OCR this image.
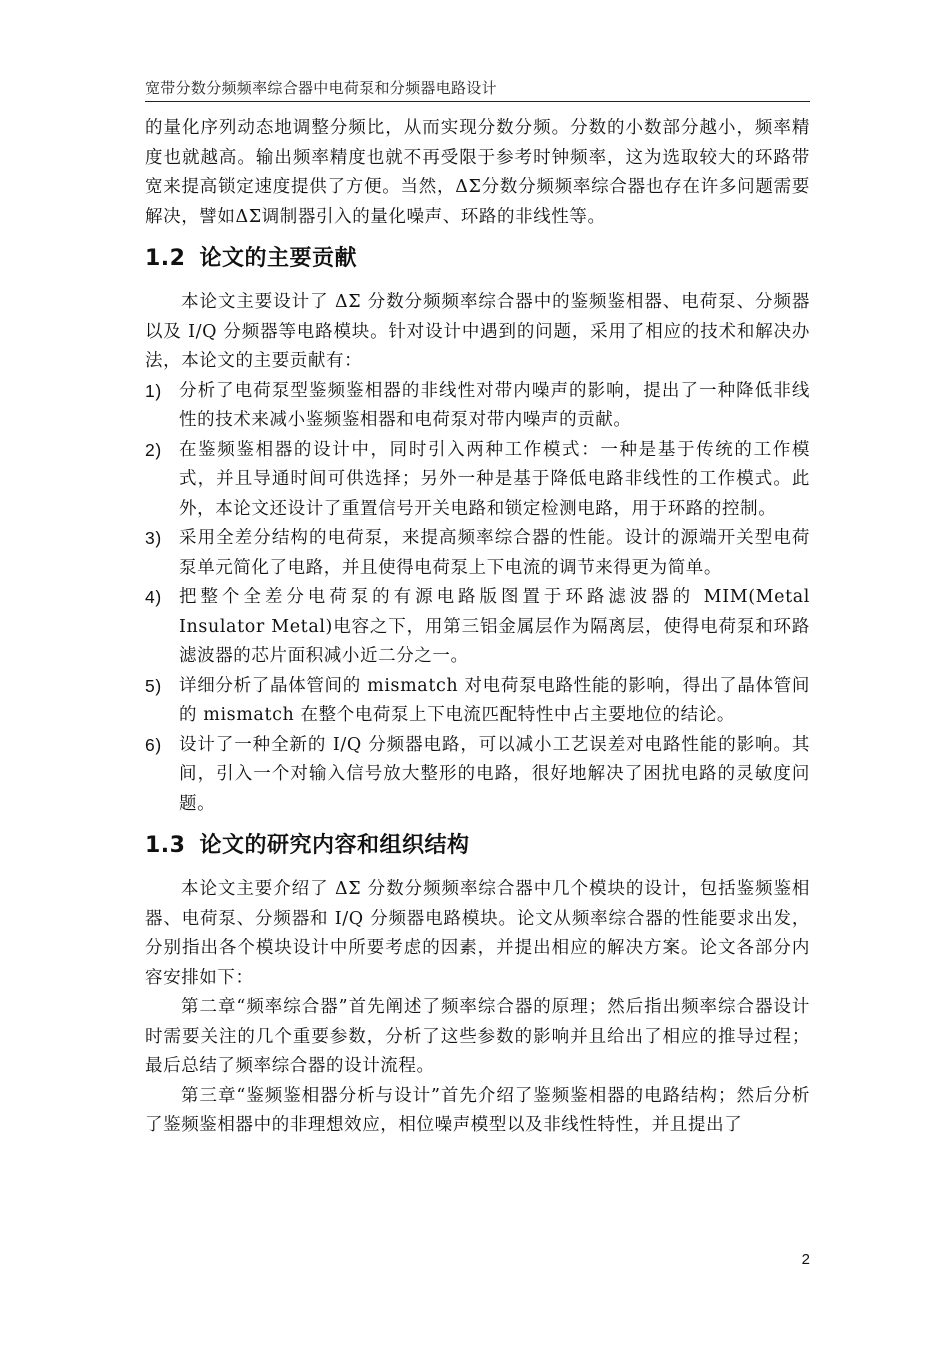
宽带分数分频频率综合器中电荷泵和分频器电路设计

的量化序列动态地调整分频比，从而实现分数分频。分数的小数部分越小，频率精度也就越高。输出频率精度也就不再受限于参考时钟频率，这为选取较大的环路带宽来提高锁定速度提供了方便。当然，ΔΣ分数分频频率综合器也存在许多问题需要解决，譬如ΔΣ调制器引入的量化噪声、环路的非线性等。

1.2 论文的主要贡献

本论文主要设计了 ΔΣ 分数分频频率综合器中的鉴频鉴相器、电荷泵、分频器以及 I/Q 分频器等电路模块。针对设计中遇到的问题，采用了相应的技术和解决办法，本论文的主要贡献有：

1) 分析了电荷泵型鉴频鉴相器的非线性对带内噪声的影响，提出了一种降低非线性的技术来减小鉴频鉴相器和电荷泵对带内噪声的贡献。
2) 在鉴频鉴相器的设计中，同时引入两种工作模式：一种是基于传统的工作模式，并且导通时间可供选择；另外一种是基于降低电路非线性的工作模式。此外，本论文还设计了重置信号开关电路和锁定检测电路，用于环路的控制。
3) 采用全差分结构的电荷泵，来提高频率综合器的性能。设计的源端开关型电荷泵单元简化了电路，并且使得电荷泵上下电流的调节来得更为简单。
4) 把整个全差分电荷泵的有源电路版图置于环路滤波器的 MIM(Metal Insulator Metal)电容之下，用第三铝金属层作为隔离层，使得电荷泵和环路滤波器的芯片面积减小近二分之一。
5) 详细分析了晶体管间的 mismatch 对电荷泵电路性能的影响，得出了晶体管间的 mismatch 在整个电荷泵上下电流匹配特性中占主要地位的结论。
6) 设计了一种全新的 I/Q 分频器电路，可以减小工艺误差对电路性能的影响。其间，引入一个对输入信号放大整形的电路，很好地解决了困扰电路的灵敏度问题。
1.3 论文的研究内容和组织结构

本论文主要介绍了 ΔΣ 分数分频频率综合器中几个模块的设计，包括鉴频鉴相器、电荷泵、分频器和 I/Q 分频器电路模块。论文从频率综合器的性能要求出发，分别指出各个模块设计中所要考虑的因素，并提出相应的解决方案。论文各部分内容安排如下：

第二章“频率综合器”首先阐述了频率综合器的原理；然后指出频率综合器设计时需要关注的几个重要参数，分析了这些参数的影响并且给出了相应的推导过程；最后总结了频率综合器的设计流程。

第三章“鉴频鉴相器分析与设计”首先介绍了鉴频鉴相器的电路结构；然后分析了鉴频鉴相器中的非理想效应，相位噪声模型以及非线性特性，并且提出了

2
